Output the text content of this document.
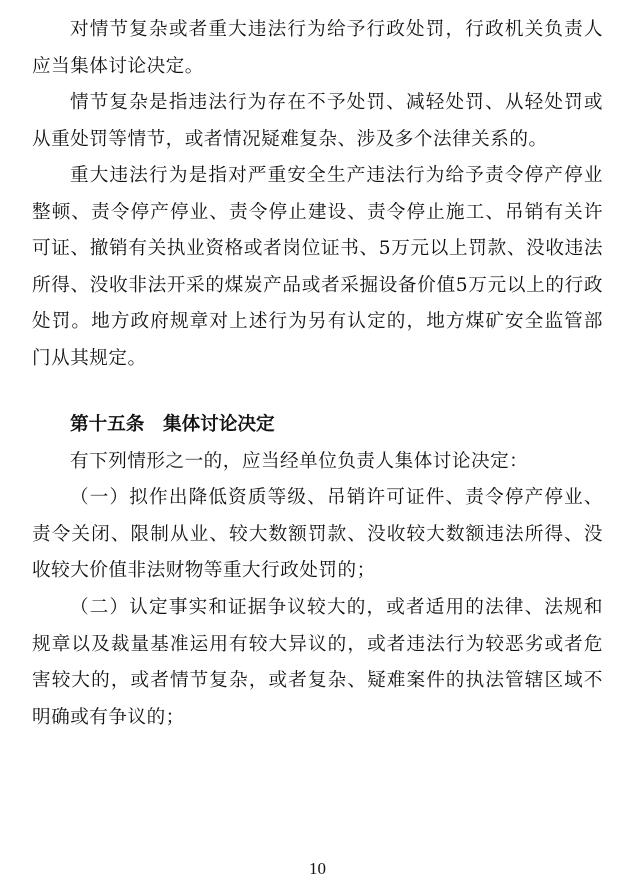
对情节复杂或者重大违法行为给予行政处罚，行政机关负责人应当集体讨论决定。

情节复杂是指违法行为存在不予处罚、减轻处罚、从轻处罚或从重处罚等情节，或者情况疑难复杂、涉及多个法律关系的。

重大违法行为是指对严重安全生产违法行为给予责令停产停业整顿、责令停产停业、责令停止建设、责令停止施工、吊销有关许可证、撤销有关执业资格或者岗位证书、5万元以上罚款、没收违法所得、没收非法开采的煤炭产品或者采掘设备价值5万元以上的行政处罚。地方政府规章对上述行为另有认定的，地方煤矿安全监管部门从其规定。

第十五条　集体讨论决定

有下列情形之一的，应当经单位负责人集体讨论决定：

（一）拟作出降低资质等级、吊销许可证件、责令停产停业、责令关闭、限制从业、较大数额罚款、没收较大数额违法所得、没收较大价值非法财物等重大行政处罚的；

（二）认定事实和证据争议较大的，或者适用的法律、法规和规章以及裁量基准运用有较大异议的，或者违法行为较恶劣或者危害较大的，或者情节复杂，或者复杂、疑难案件的执法管辖区域不明确或有争议的；

10
